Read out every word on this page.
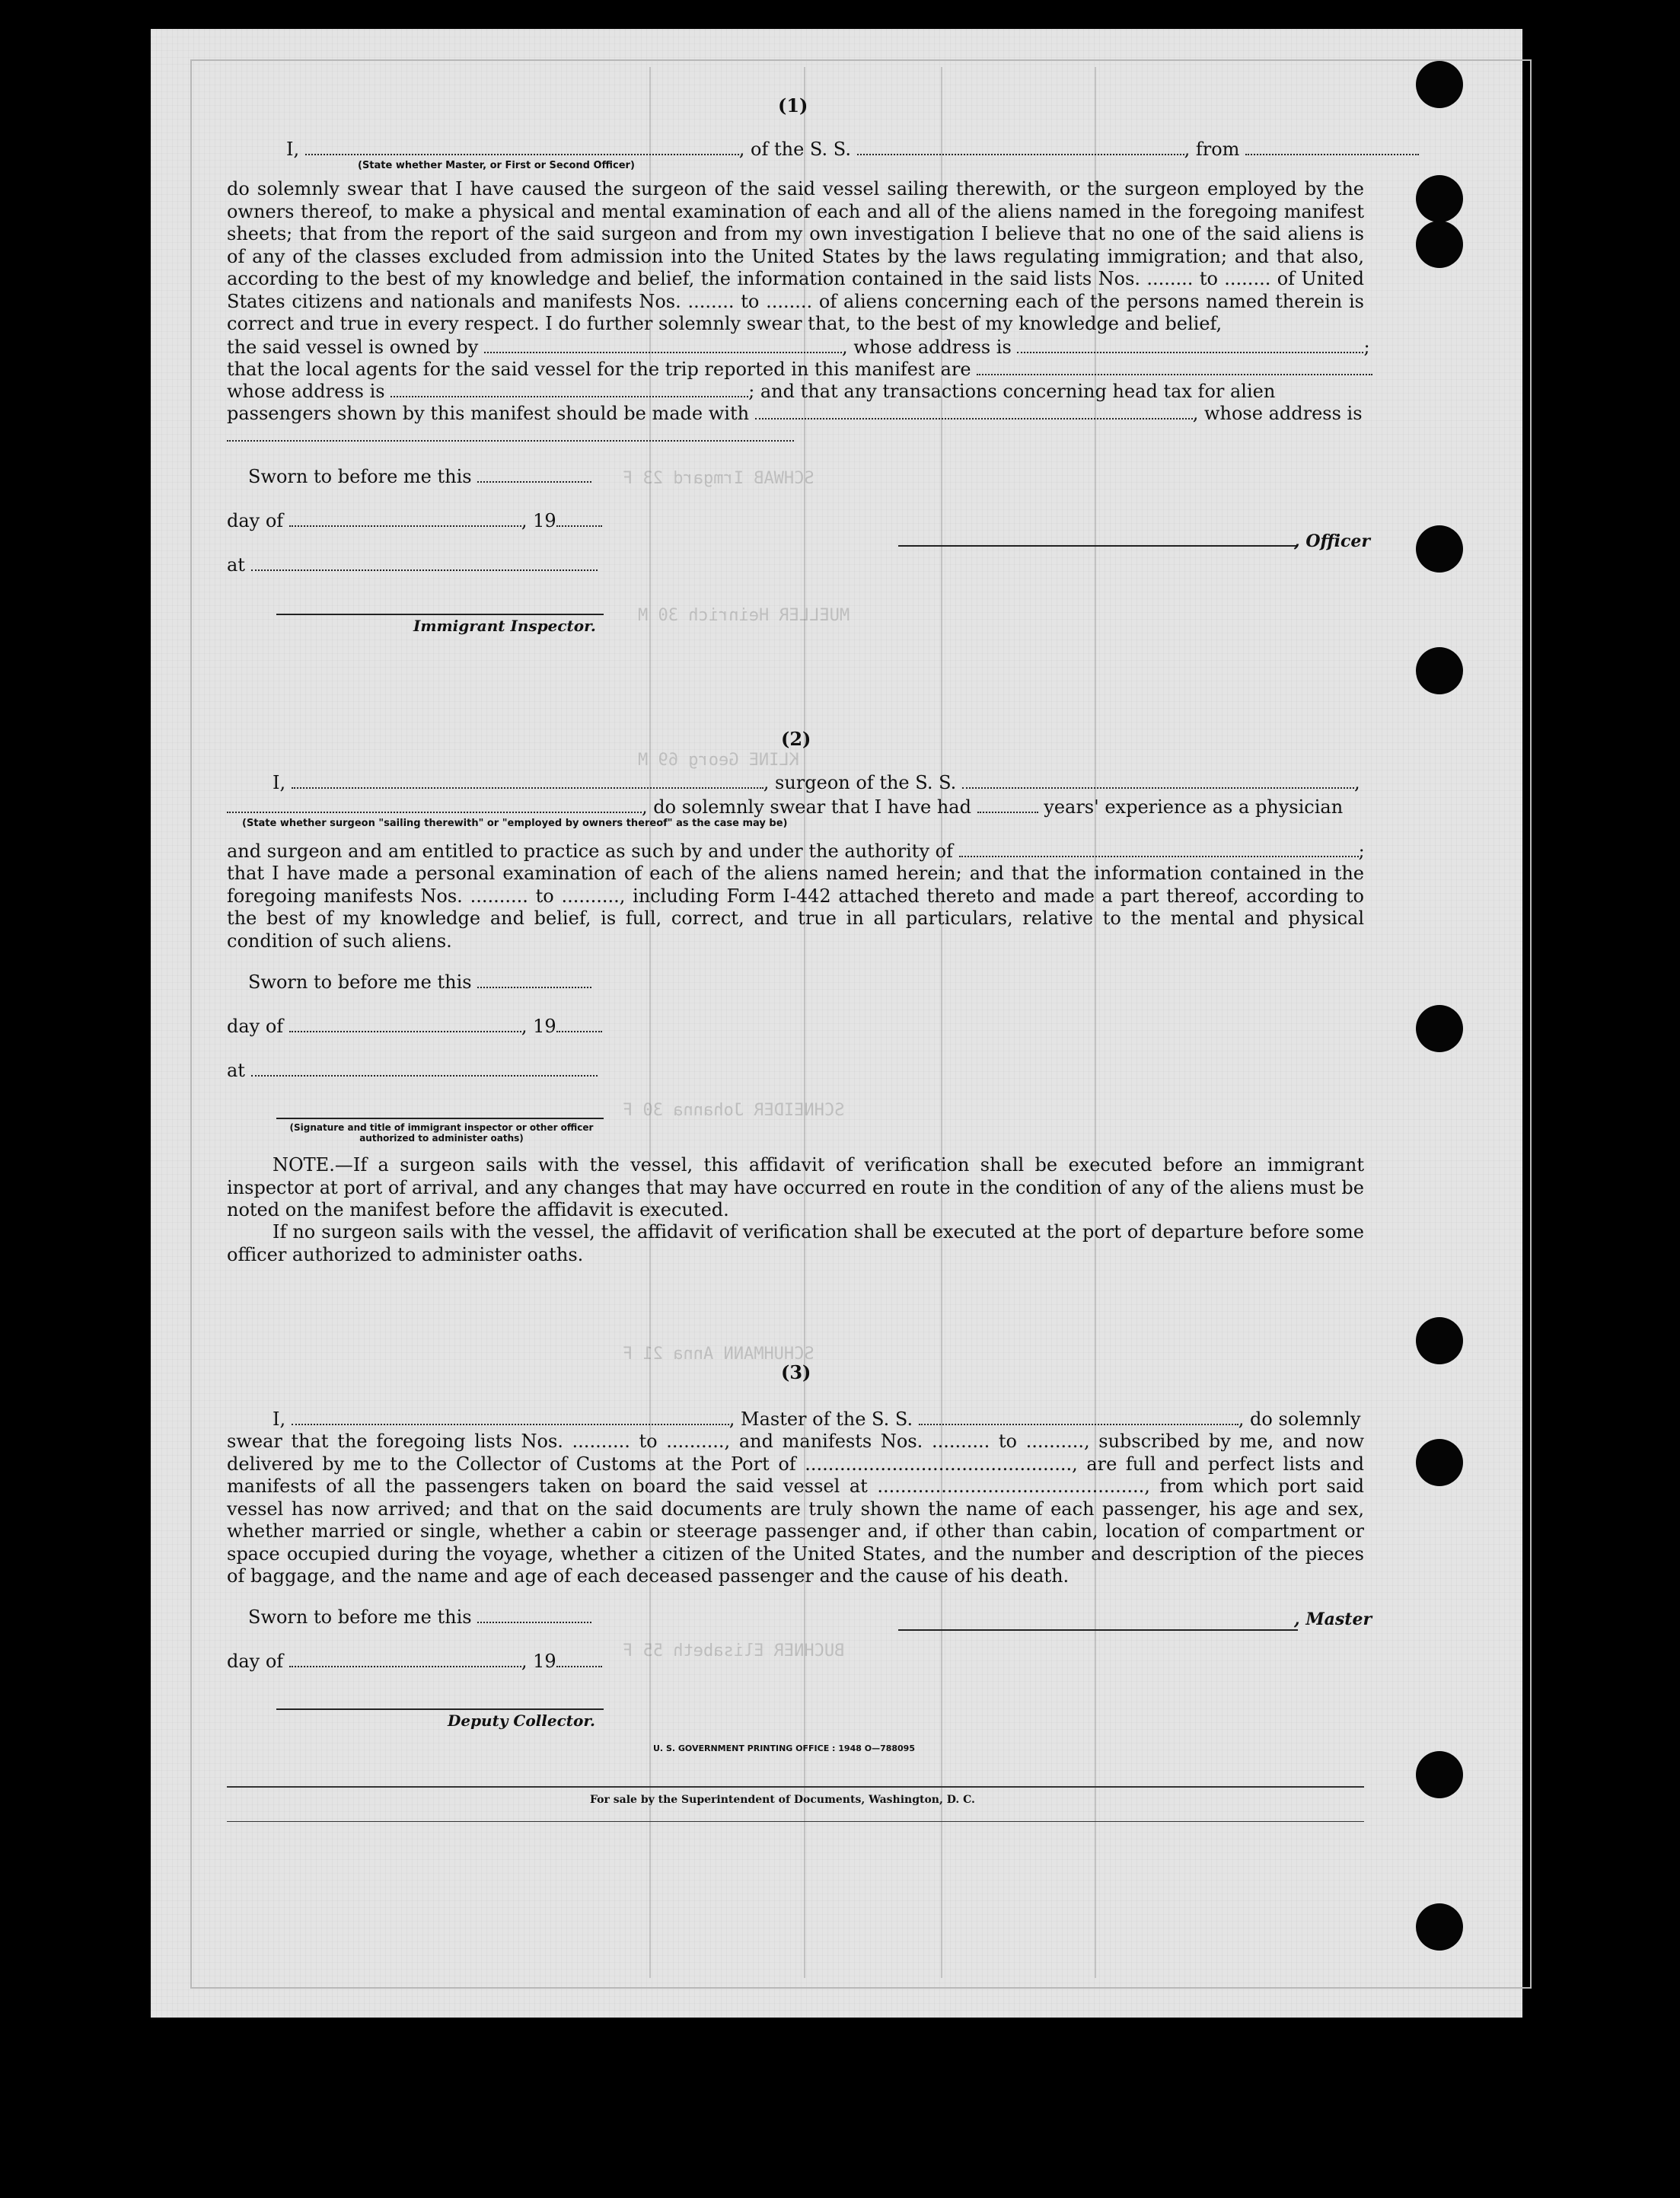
SCHWAB Irmgard 23 F
MUELLER Heinrich 30 M
KLINE Georg 69 M
SCHNEIDER Johanna 30 F
SCHUHMANN Anna 21 F
BUCHNER Elisabeth 55 F
(1)
I,	, of the S. S.	, from
(State whether Master, or First or Second Officer)
do solemnly swear that I have caused the surgeon of the said vessel sailing therewith, or the surgeon employed by the owners thereof, to make a physical and mental examination of each and all of the aliens named in the foregoing manifest sheets; that from the report of the said surgeon and from my own investigation I believe that no one of the said aliens is of any of the classes excluded from admission into the United States by the laws regulating immigration; and that also, according to the best of my knowledge and belief, the information contained in the said lists Nos. ........ to ........ of United States citizens and nationals and manifests Nos. ........ to ........ of aliens concerning each of the persons named therein is correct and true in every respect. I do further solemnly swear that, to the best of my knowledge and belief,
the said vessel is owned by	, whose address is	;
that the local agents for the said vessel for the trip reported in this manifest are
whose address is	; and that any transactions concerning head tax for alien
passengers shown by this manifest should be made with	, whose address is
Sworn to before me this
day of	, 19
at
Immigrant Inspector.
, Officer
(2)
I,	, surgeon of the S. S.	,
, do solemnly swear that I have had	years' experience as a physician
(State whether surgeon "sailing therewith" or "employed by owners thereof" as the case may be)
and surgeon and am entitled to practice as such by and under the authority of	;
that I have made a personal examination of each of the aliens named herein; and that the information contained in the foregoing manifests Nos. .......... to .........., including Form I-442 attached thereto and made a part thereof, according to the best of my knowledge and belief, is full, correct, and true in all particulars, relative to the mental and physical condition of such aliens.
Sworn to before me this
day of	, 19
at
(Signature and title of immigrant inspector or other officer authorized to administer oaths)
NOTE.—If a surgeon sails with the vessel, this affidavit of verification shall be executed before an immigrant inspector at port of arrival, and any changes that may have occurred en route in the condition of any of the aliens must be noted on the manifest before the affidavit is executed.
If no surgeon sails with the vessel, the affidavit of verification shall be executed at the port of departure before some officer authorized to administer oaths.
(3)
I,	, Master of the S. S.	, do solemnly
swear that the foregoing lists Nos. .......... to .........., and manifests Nos. .......... to .........., subscribed by me, and now delivered by me to the Collector of Customs at the Port of .............................................., are full and perfect lists and manifests of all the passengers taken on board the said vessel at .............................................., from which port said vessel has now arrived; and that on the said documents are truly shown the name of each passenger, his age and sex, whether married or single, whether a cabin or steerage passenger and, if other than cabin, location of compartment or space occupied during the voyage, whether a citizen of the United States, and the number and description of the pieces of baggage, and the name and age of each deceased passenger and the cause of his death.
Sworn to before me this
day of	, 19
Deputy Collector.
, Master
U. S. GOVERNMENT PRINTING OFFICE : 1948 O—788095
For sale by the Superintendent of Documents, Washington, D. C.
